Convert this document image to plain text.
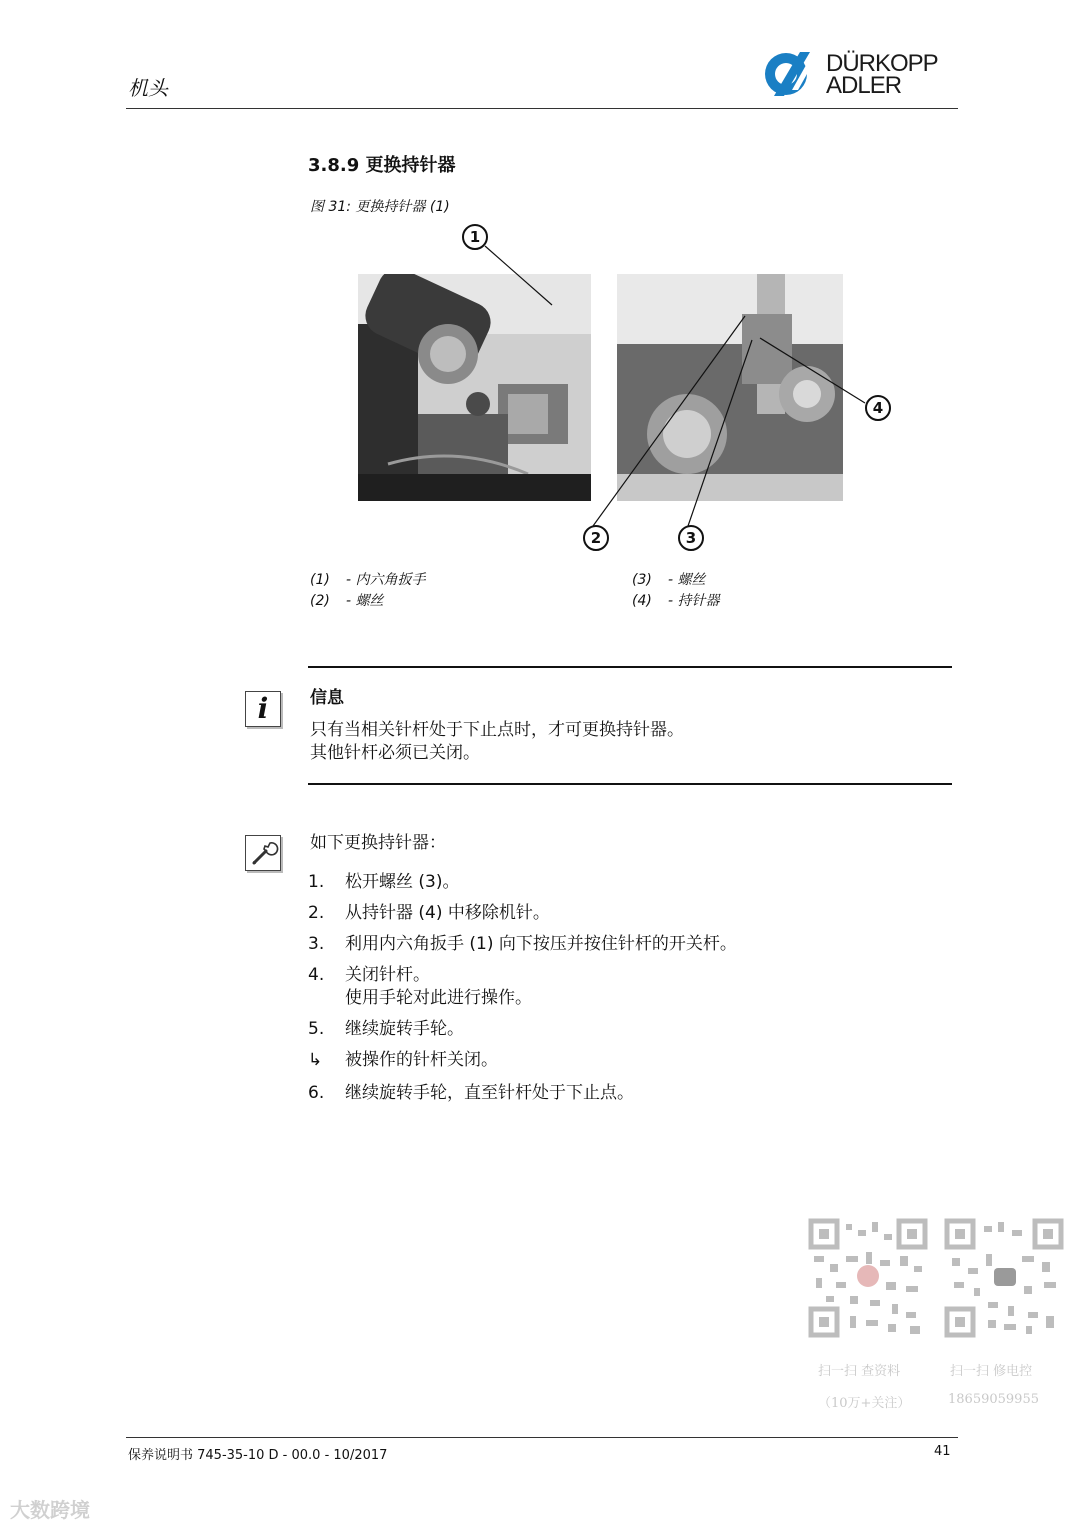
机头
DÜRKOPP
ADLER
3.8.9 更换持针器
图 31: 更换持针器 (1)
1
2	3
4
(1) - 内六角扳手
(2) - 螺丝
(3) - 螺丝
(4) - 持针器
i	信息
只有当相关针杆处于下止点时，才可更换持针器。
其他针杆必须已关闭。
如下更换持针器：
1. 松开螺丝 (3)。
2. 从持针器 (4) 中移除机针。
3. 利用内六角扳手 (1) 向下按压并按住针杆的开关杆。
4. 关闭针杆。
使用手轮对此进行操作。
5. 继续旋转手轮。
↳ 被操作的针杆关闭。
6. 继续旋转手轮，直至针杆处于下止点。
扫一扫 查资料
（10万+关注）
扫一扫 修电控
18659059955
保养说明书 745-35-10 D - 00.0 - 10/2017	41
大数跨境
